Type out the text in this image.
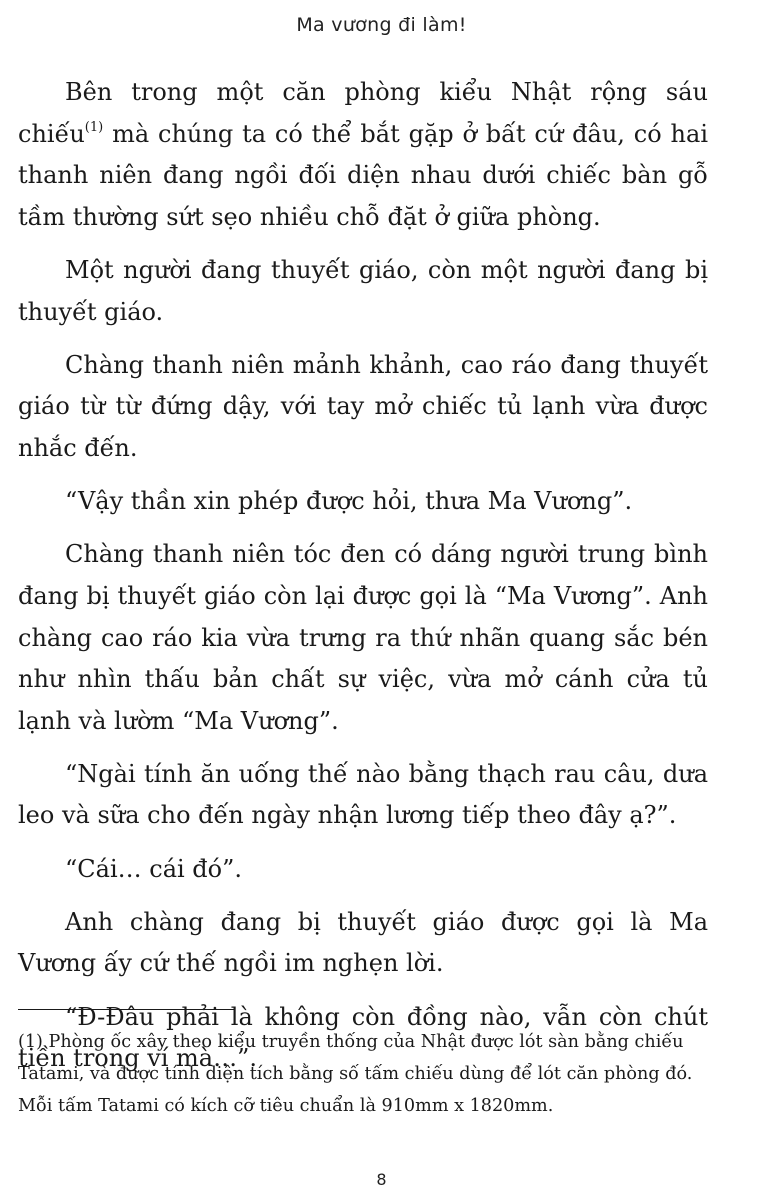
Ma vương đi làm!

Bên trong một căn phòng kiểu Nhật rộng sáu chiếu$^{(1)}$ mà chúng ta có thể bắt gặp ở bất cứ đâu, có hai thanh niên đang ngồi đối diện nhau dưới chiếc bàn gỗ tầm thường sứt sẹo nhiều chỗ đặt ở giữa phòng.

Một người đang thuyết giáo, còn một người đang bị thuyết giáo.

Chàng thanh niên mảnh khảnh, cao ráo đang thuyết giáo từ từ đứng dậy, với tay mở chiếc tủ lạnh vừa được nhắc đến.

“Vậy thần xin phép được hỏi, thưa Ma Vương”.

Chàng thanh niên tóc đen có dáng người trung bình đang bị thuyết giáo còn lại được gọi là “Ma Vương”. Anh chàng cao ráo kia vừa trưng ra thứ nhãn quang sắc bén như nhìn thấu bản chất sự việc, vừa mở cánh cửa tủ lạnh và lườm “Ma Vương”.

“Ngài tính ăn uống thế nào bằng thạch rau câu, dưa leo và sữa cho đến ngày nhận lương tiếp theo đây ạ?”.

“Cái… cái đó”.

Anh chàng đang bị thuyết giáo được gọi là Ma Vương ấy cứ thế ngồi im nghẹn lời.

“Đ-Đâu phải là không còn đồng nào, vẫn còn chút tiền trong ví mà…”.

(1) Phòng ốc xây theo kiểu truyền thống của Nhật được lót sàn bằng chiếu
Tatami, và được tính diện tích bằng số tấm chiếu dùng để lót căn phòng đó.
Mỗi tấm Tatami có kích cỡ tiêu chuẩn là 910mm x 1820mm.

8
